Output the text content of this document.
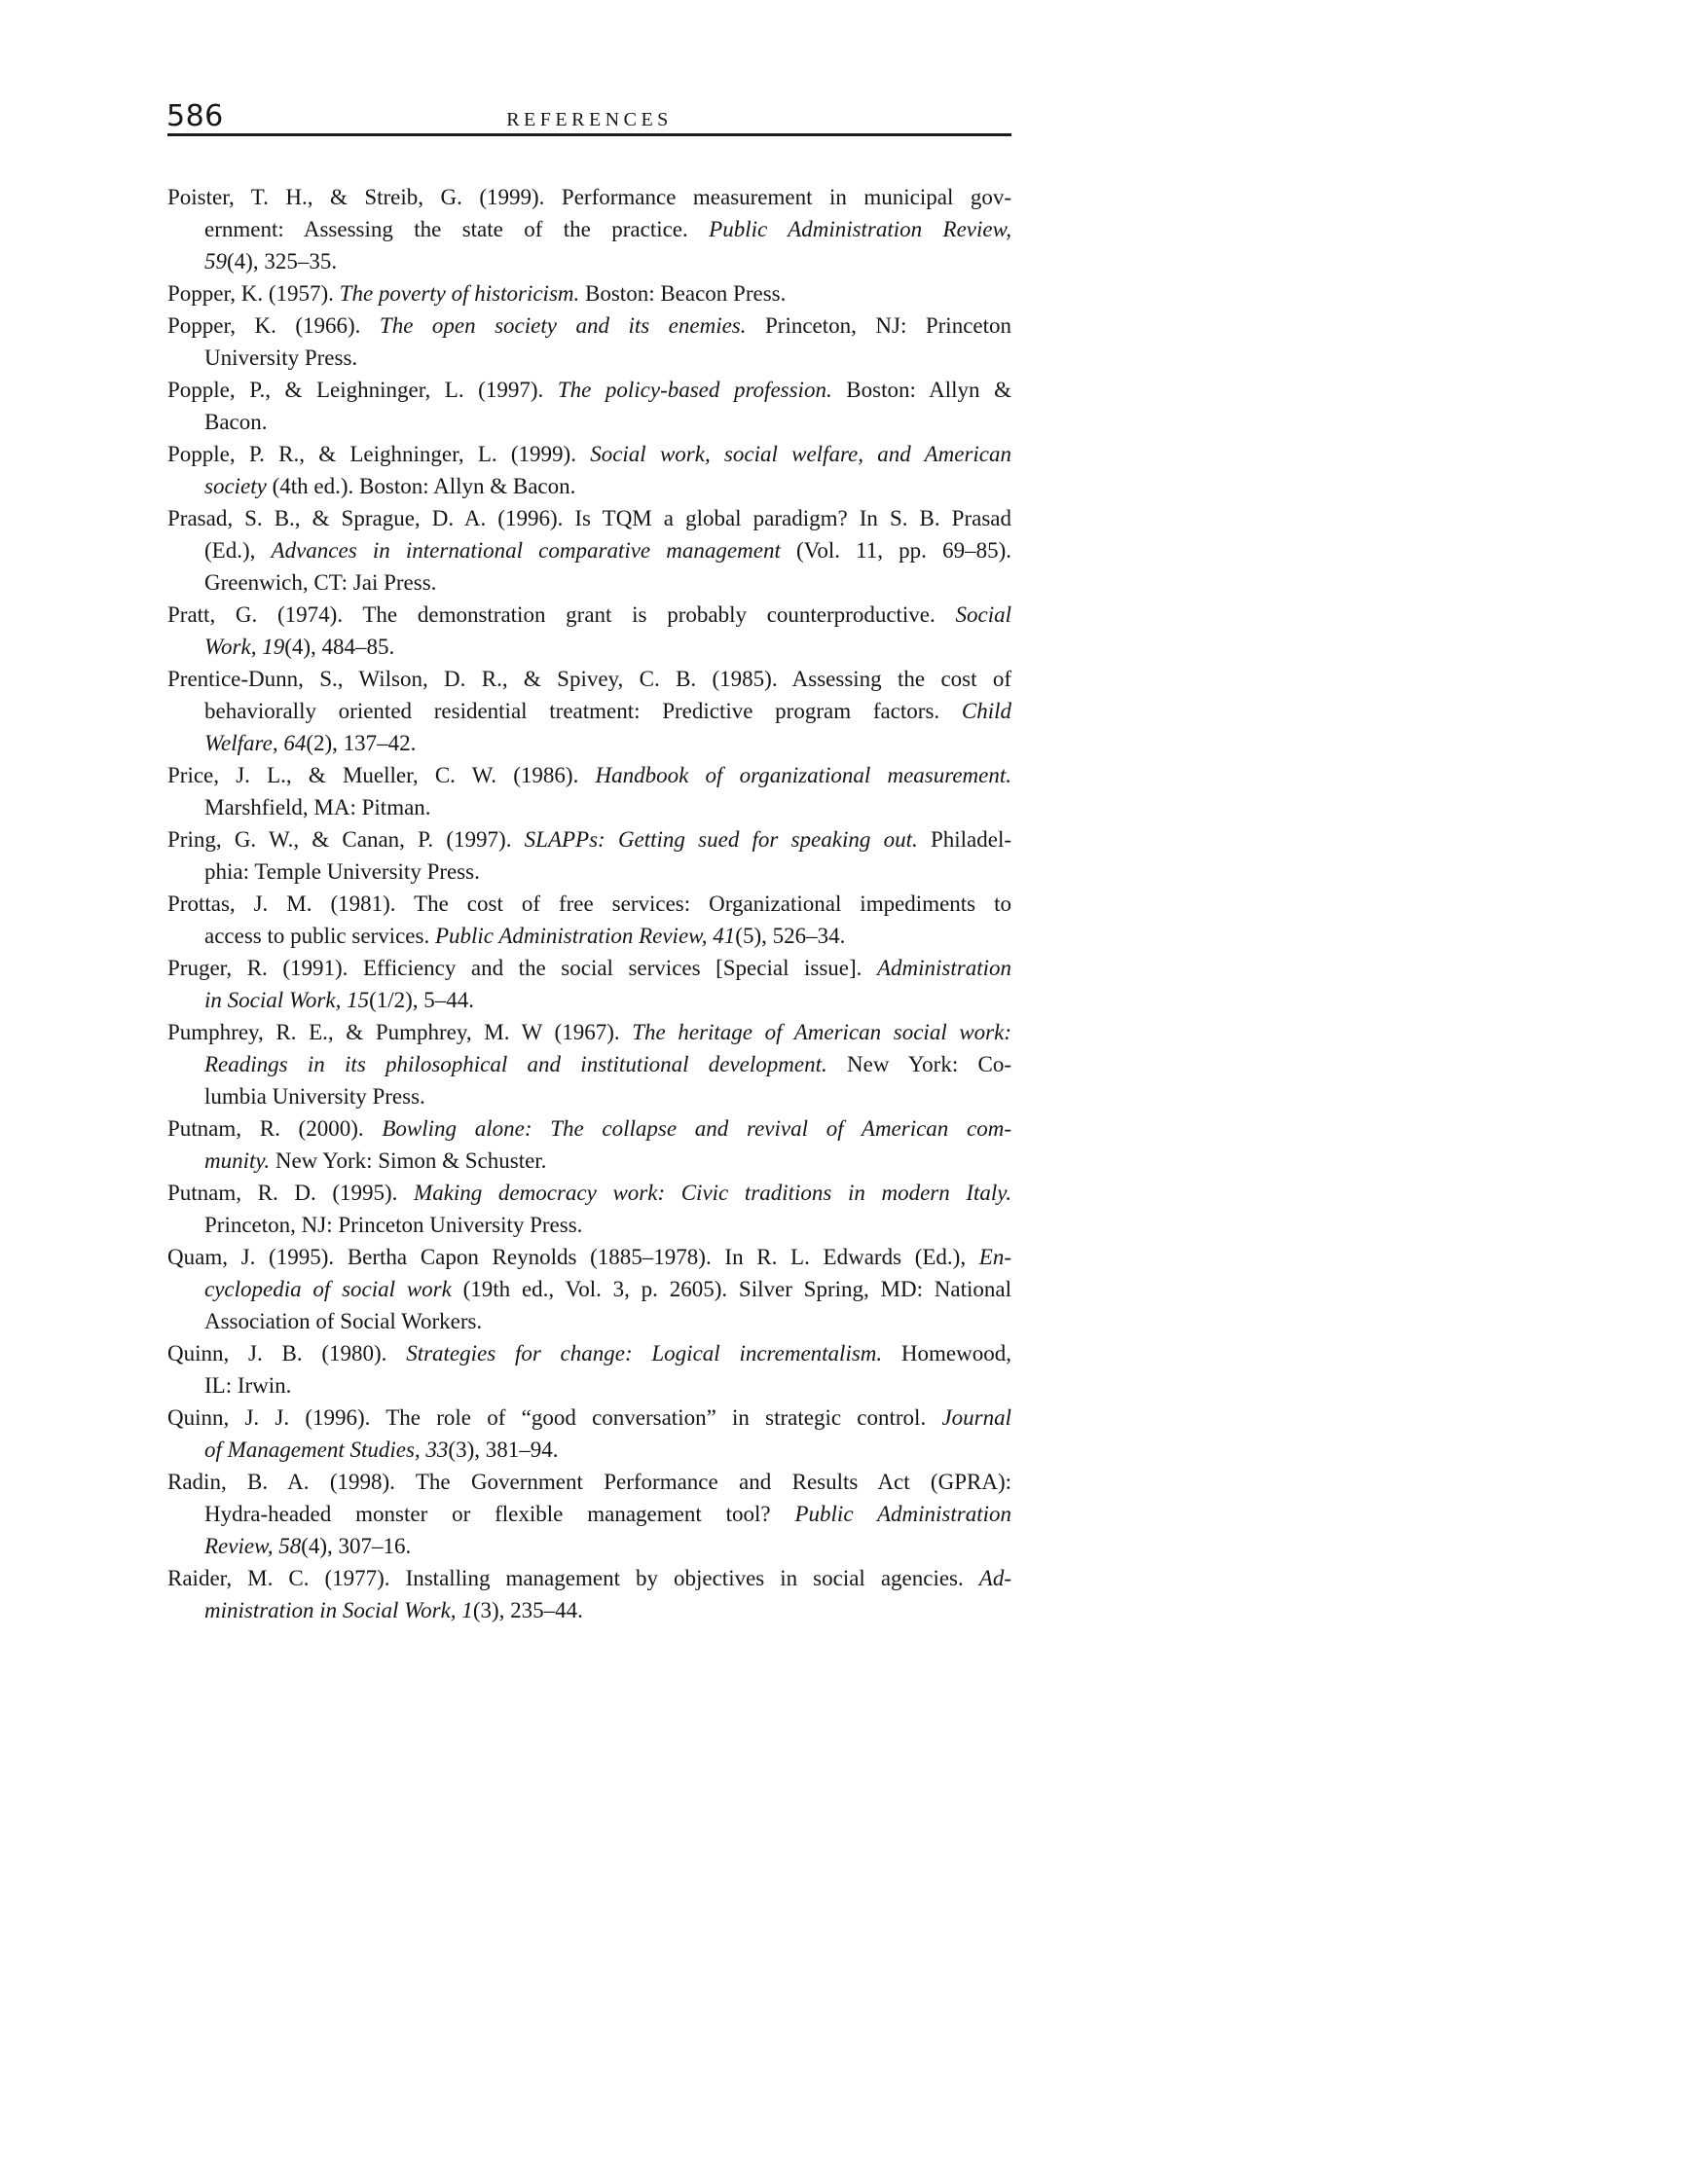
586	REFERENCES
Poister, T. H., & Streib, G. (1999). Performance measurement in municipal gov-
ernment: Assessing the state of the practice. Public Administration Review,
59(4), 325–35.
Popper, K. (1957). The poverty of historicism. Boston: Beacon Press.
Popper, K. (1966). The open society and its enemies. Princeton, NJ: Princeton
University Press.
Popple, P., & Leighninger, L. (1997). The policy-based profession. Boston: Allyn &
Bacon.
Popple, P. R., & Leighninger, L. (1999). Social work, social welfare, and American
society (4th ed.). Boston: Allyn & Bacon.
Prasad, S. B., & Sprague, D. A. (1996). Is TQM a global paradigm? In S. B. Prasad
(Ed.), Advances in international comparative management (Vol. 11, pp. 69–85).
Greenwich, CT: Jai Press.
Pratt, G. (1974). The demonstration grant is probably counterproductive. Social
Work, 19(4), 484–85.
Prentice-Dunn, S., Wilson, D. R., & Spivey, C. B. (1985). Assessing the cost of
behaviorally oriented residential treatment: Predictive program factors. Child
Welfare, 64(2), 137–42.
Price, J. L., & Mueller, C. W. (1986). Handbook of organizational measurement.
Marshfield, MA: Pitman.
Pring, G. W., & Canan, P. (1997). SLAPPs: Getting sued for speaking out. Philadel-
phia: Temple University Press.
Prottas, J. M. (1981). The cost of free services: Organizational impediments to
access to public services. Public Administration Review, 41(5), 526–34.
Pruger, R. (1991). Efficiency and the social services [Special issue]. Administration
in Social Work, 15(1/2), 5–44.
Pumphrey, R. E., & Pumphrey, M. W (1967). The heritage of American social work:
Readings in its philosophical and institutional development. New York: Co-
lumbia University Press.
Putnam, R. (2000). Bowling alone: The collapse and revival of American com-
munity. New York: Simon & Schuster.
Putnam, R. D. (1995). Making democracy work: Civic traditions in modern Italy.
Princeton, NJ: Princeton University Press.
Quam, J. (1995). Bertha Capon Reynolds (1885–1978). In R. L. Edwards (Ed.), En-
cyclopedia of social work (19th ed., Vol. 3, p. 2605). Silver Spring, MD: National
Association of Social Workers.
Quinn, J. B. (1980). Strategies for change: Logical incrementalism. Homewood,
IL: Irwin.
Quinn, J. J. (1996). The role of “good conversation” in strategic control. Journal
of Management Studies, 33(3), 381–94.
Radin, B. A. (1998). The Government Performance and Results Act (GPRA):
Hydra-headed monster or flexible management tool? Public Administration
Review, 58(4), 307–16.
Raider, M. C. (1977). Installing management by objectives in social agencies. Ad-
ministration in Social Work, 1(3), 235–44.
